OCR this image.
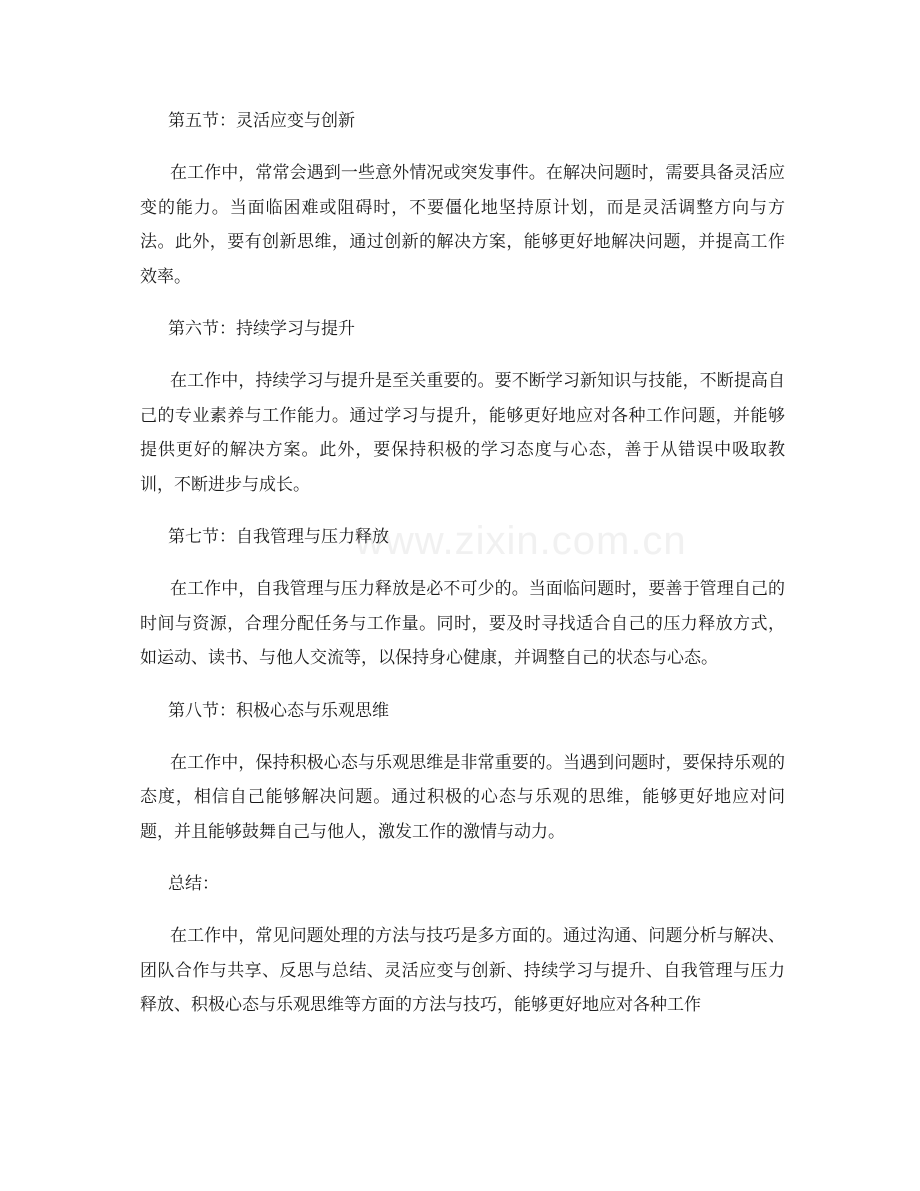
www.zixin.com.cn
第五节：灵活应变与创新

在工作中，常常会遇到一些意外情况或突发事件。在解决问题时，需要具备灵活应变的能力。当面临困难或阻碍时，不要僵化地坚持原计划，而是灵活调整方向与方法。此外，要有创新思维，通过创新的解决方案，能够更好地解决问题，并提高工作效率。

第六节：持续学习与提升

在工作中，持续学习与提升是至关重要的。要不断学习新知识与技能，不断提高自己的专业素养与工作能力。通过学习与提升，能够更好地应对各种工作问题，并能够提供更好的解决方案。此外，要保持积极的学习态度与心态，善于从错误中吸取教训，不断进步与成长。

第七节：自我管理与压力释放

在工作中，自我管理与压力释放是必不可少的。当面临问题时，要善于管理自己的时间与资源，合理分配任务与工作量。同时，要及时寻找适合自己的压力释放方式，如运动、读书、与他人交流等，以保持身心健康，并调整自己的状态与心态。

第八节：积极心态与乐观思维

在工作中，保持积极心态与乐观思维是非常重要的。当遇到问题时，要保持乐观的态度，相信自己能够解决问题。通过积极的心态与乐观的思维，能够更好地应对问题，并且能够鼓舞自己与他人，激发工作的激情与动力。

总结：

在工作中，常见问题处理的方法与技巧是多方面的。通过沟通、问题分析与解决、团队合作与共享、反思与总结、灵活应变与创新、持续学习与提升、自我管理与压力释放、积极心态与乐观思维等方面的方法与技巧，能够更好地应对各种工作
